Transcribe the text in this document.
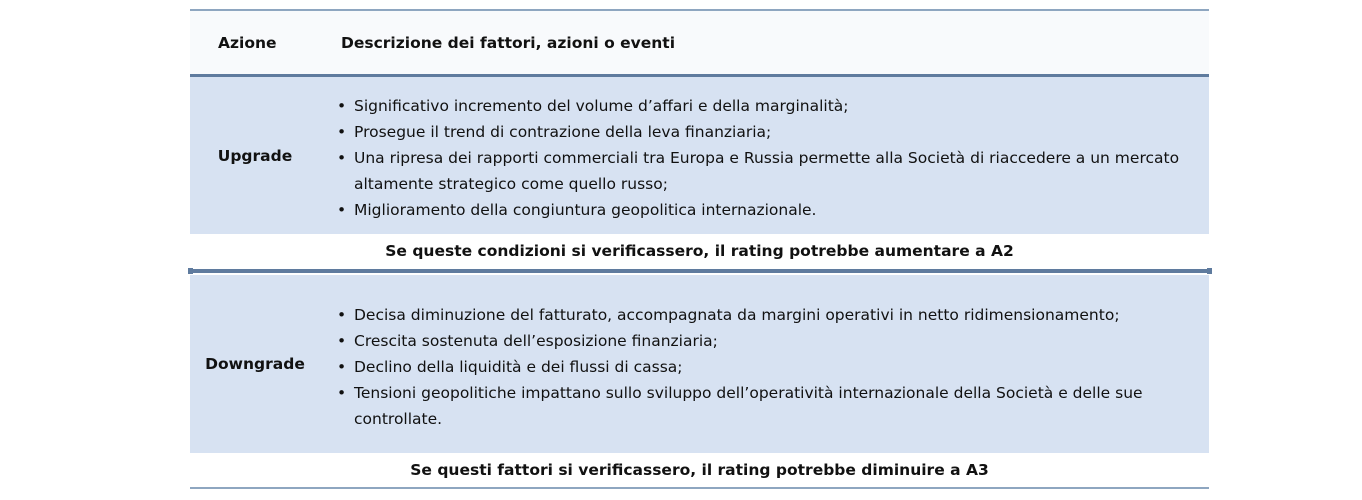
Azione	Descrizione dei fattori, azioni o eventi
Upgrade
• Significativo incremento del volume d’affari e della marginalità;
• Prosegue il trend di contrazione della leva finanziaria;
• Una ripresa dei rapporti commerciali tra Europa e Russia permette alla Società di riaccedere a un mercato altamente strategico come quello russo;
• Miglioramento della congiuntura geopolitica internazionale.
Se queste condizioni si verificassero, il rating potrebbe aumentare a A2
Downgrade
• Decisa diminuzione del fatturato, accompagnata da margini operativi in netto ridimensionamento;
• Crescita sostenuta dell’esposizione finanziaria;
• Declino della liquidità e dei flussi di cassa;
• Tensioni geopolitiche impattano sullo sviluppo dell’operatività internazionale della Società e delle sue controllate.
Se questi fattori si verificassero, il rating potrebbe diminuire a A3
